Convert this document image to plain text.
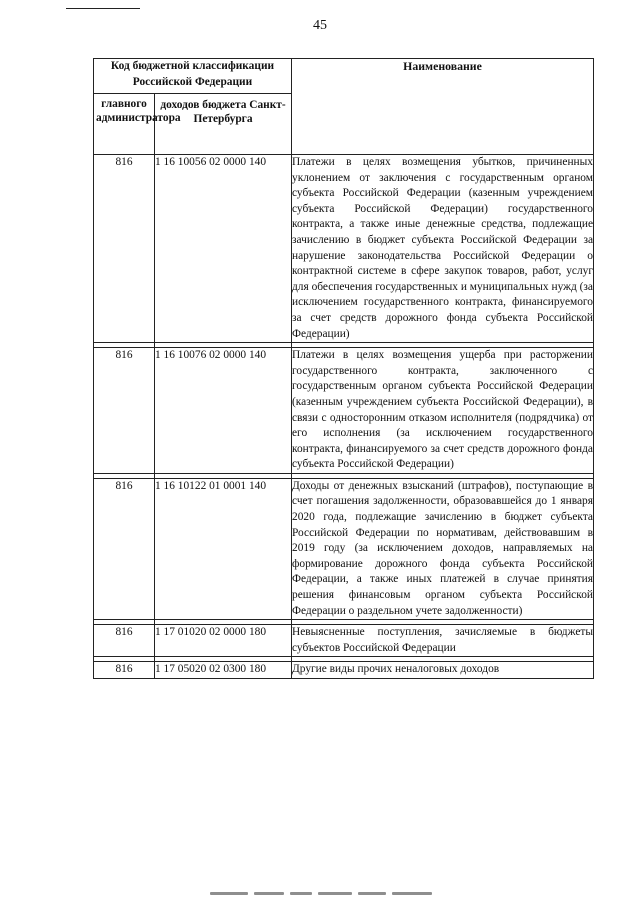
45
Код бюджетной классификации Российской Федерации		Наименование
главного администратора	доходов бюджета Санкт-Петербурга	
816	1 16 10056 02 0000 140	Платежи в целях возмещения убытков, причиненных уклонением от заключения с государственным органом субъекта Российской Федерации (казенным учреждением субъекта Российской Федерации) государственного контракта, а также иные денежные средства, подлежащие зачислению в бюджет субъекта Российской Федерации за нарушение законодательства Российской Федерации о контрактной системе в сфере закупок товаров, работ, услуг для обеспечения государственных и муниципальных нужд (за исключением государственного контракта, финансируемого за счет средств дорожного фонда субъекта Российской Федерации)

816	1 16 10076 02 0000 140	Платежи в целях возмещения ущерба при расторжении государственного контракта, заключенного с государственным органом субъекта Российской Федерации (казенным учреждением субъекта Российской Федерации), в связи с односторонним отказом исполнителя (подрядчика) от его исполнения (за исключением государственного контракта, финансируемого за счет средств дорожного фонда субъекта Российской Федерации)

816	1 16 10122 01 0001 140	Доходы от денежных взысканий (штрафов), поступающие в счет погашения задолженности, образовавшейся до 1 января 2020 года, подлежащие зачислению в бюджет субъекта Российской Федерации по нормативам, действовавшим в 2019 году (за исключением доходов, направляемых на формирование дорожного фонда субъекта Российской Федерации, а также иных платежей в случае принятия решения финансовым органом субъекта Российской Федерации о раздельном учете задолженности)

816	1 17 01020 02 0000 180	Невыясненные поступления, зачисляемые в бюджеты субъектов Российской Федерации

816	1 17 05020 02 0300 180	Другие виды прочих неналоговых доходов
